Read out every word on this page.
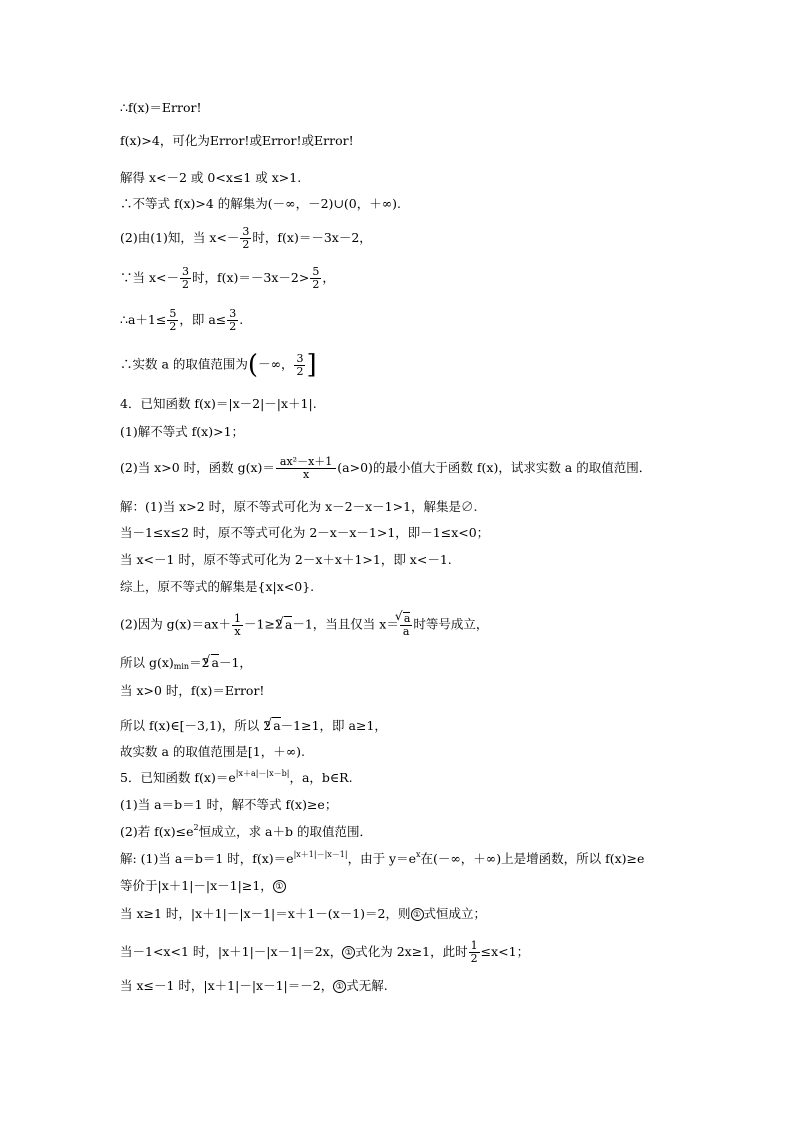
∴f(x)＝Error!
f(x)>4，可化为Error!或Error!或Error!
解得 x<－2 或 0<x≤1 或 x>1.
∴不等式 f(x)>4 的解集为(－∞，－2)∪(0，＋∞).
(2)由(1)知，当 $x<- \frac{3}{2}$ 时，f(x)＝－3x－2，
∵当 $x<- \frac{3}{2}$ 时，$f(x)=-3x-2> \frac{5}{2}$ ，
∴a＋1≤ $\frac{5}{2}$ ，即 $a\le \frac{3}{2}$ .
∴实数 a 的取值范围为(－∞， $\frac{3}{2}$ ]
4．已知函数 f(x)＝|x－2|－|x＋1|.
(1)解不等式 f(x)>1；
(2)当 x>0 时，函数 $g(x)= \frac{\text{ax²－x＋1}}{x} (a>0)$的最小值大于函数 f(x)，试求实数 a 的取值范围．
解：(1)当 x>2 时，原不等式可化为 x－2－x－1>1，解集是∅.
当－1≤x≤2 时，原不等式可化为 2－x－x－1>1，即－1≤x<0；
当 x<－1 时，原不等式可化为 2－x＋x＋1>1，即 x<－1.
综上，原不等式的解集是{x|x<0}.
(2)因为 $g(x)=ax+ \frac{1}{x} -1\ge 2√$ a－1，当且仅当 x＝
√ $\frac{a}{a}$ 时等号成立，
所以 $g(x)_{min}=2√$ a－1，
当 x>0 时，f(x)＝Error!
所以 f(x)∈[－3,1)，所以 2√ a－1≥1，即 a≥1，
故实数 a 的取值范围是[1，＋∞).
5．已知函数 $f(x)=e^{|x+a|-|x-b|}$，a，b∈R.
(1)当 a＝b＝1 时，解不等式 f(x)≥e；
(2)若 $f(x)\le e^2$恒成立，求 a＋b 的取值范围．
解: (1)当 a＝b＝1 时，$f(x)=e^{|x+1|-|x-1|}$，由于 $y=e^x$在(－∞，＋∞)上是增函数，所以 f(x)≥e
等价于|x＋1|－|x－1|≥1， ①
当 x≥1 时，|x＋1|－|x－1|＝x＋1－(x－1)＝2，则 ① 式恒成立；
当－1<x<1 时，|x＋1|－|x－1|＝2x， ① 式化为 2x≥1，此时 $\frac{1}{2} \le x<1$；
当 x≤－1 时，|x＋1|－|x－1|＝－2， ① 式无解.
